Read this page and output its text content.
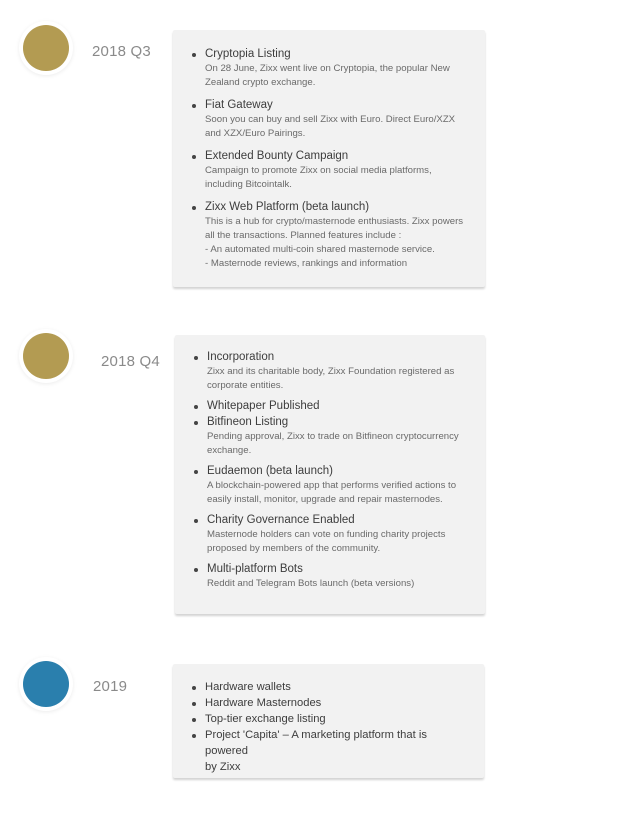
2018 Q3	Cryptopia Listing
On 28 June, Zixx went live on Cryptopia, the popular New
Zealand crypto exchange.
Fiat Gateway
Soon you can buy and sell Zixx with Euro. Direct Euro/XZX
and XZX/Euro Pairings.
Extended Bounty Campaign
Campaign to promote Zixx on social media platforms,
including Bitcointalk.
Zixx Web Platform (beta launch)
This is a hub for crypto/masternode enthusiasts. Zixx powers
all the transactions. Planned features include :
- An automated multi-coin shared masternode service.
- Masternode reviews, rankings and information
2018 Q4	Incorporation
Zixx and its charitable body, Zixx Foundation registered as
corporate entities.
Whitepaper Published
Bitfineon Listing
Pending approval, Zixx to trade on Bitfineon cryptocurrency
exchange.
Eudaemon (beta launch)
A blockchain-powered app that performs verified actions to
easily install, monitor, upgrade and repair masternodes.
Charity Governance Enabled
Masternode holders can vote on funding charity projects
proposed by members of the community.
Multi-platform Bots
Reddit and Telegram Bots launch (beta versions)
2019	Hardware wallets
Hardware Masternodes
Top-tier exchange listing
Project 'Capita' – A marketing platform that is powered
by Zixx
